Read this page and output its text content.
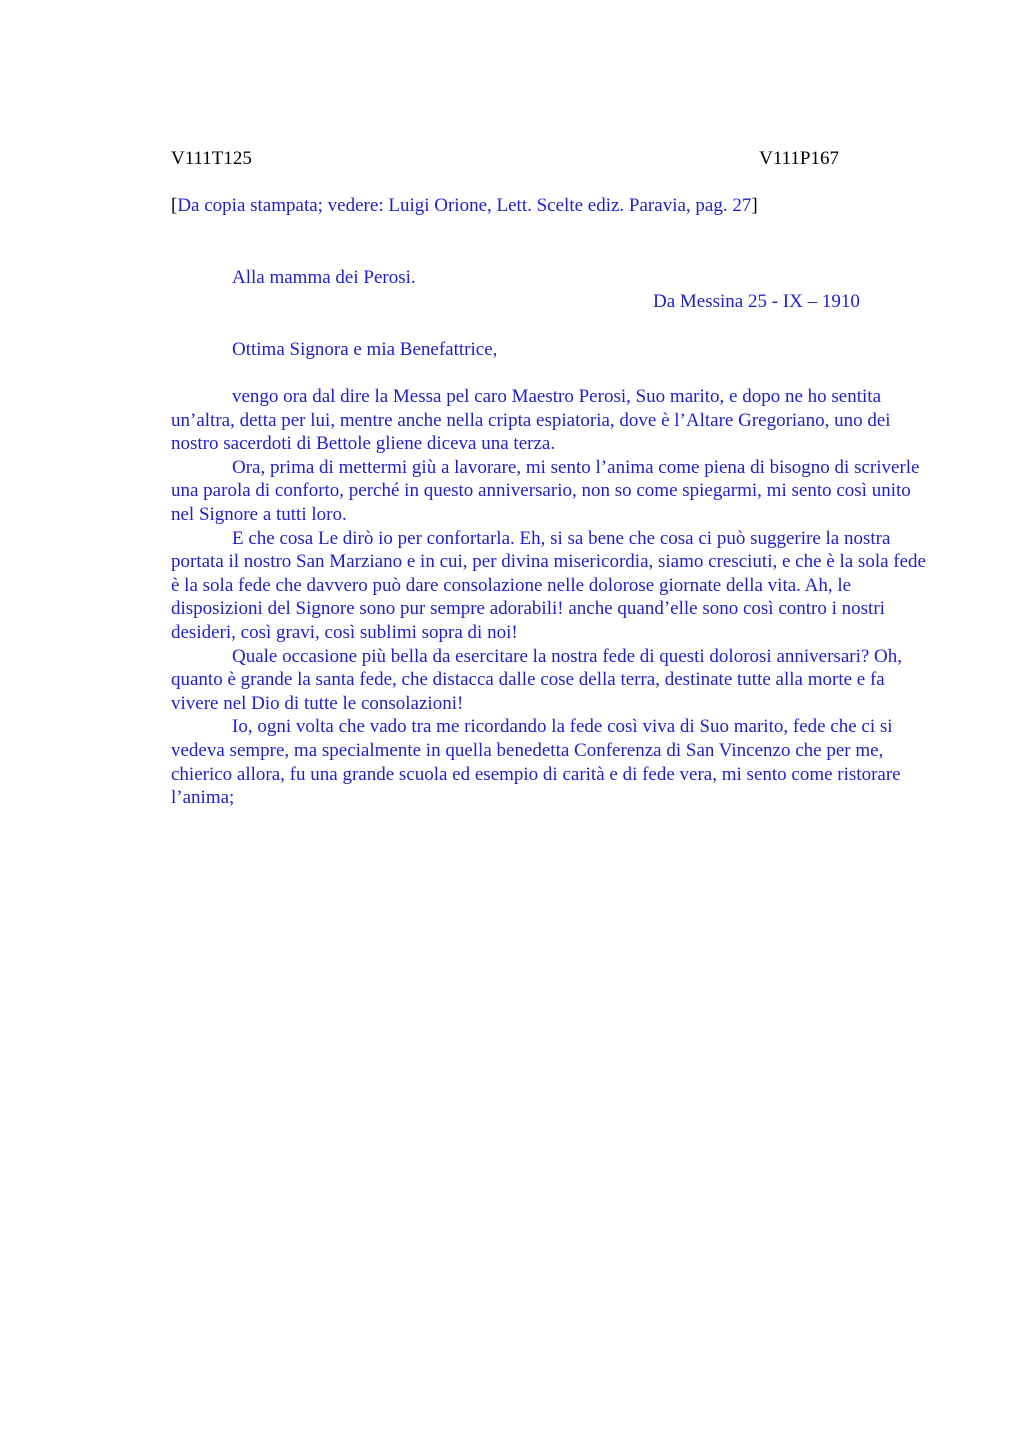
V111T125	V111P167
[Da copia stampata; vedere: Luigi Orione, Lett. Scelte ediz. Paravia, pag. 27]
Alla mamma dei Perosi.
Da Messina 25 - IX – 1910
Ottima Signora e mia Benefattrice,

vengo ora dal dire la Messa pel caro Maestro Perosi, Suo marito, e dopo ne ho sentita un’altra, detta per lui, mentre anche nella cripta espiatoria, dove è l’Altare Gregoriano, uno dei nostro sacerdoti di Bettole gliene diceva una terza.

Ora, prima di mettermi giù a lavorare, mi sento l’anima come piena di bisogno di scriverle una parola di conforto, perché in questo anniversario, non so come spiegarmi, mi sento così unito nel Signore a tutti loro.

E che cosa Le dirò io per confortarla. Eh, si sa bene che cosa ci può suggerire la nostra portata il nostro San Marziano e in cui, per divina misericordia, siamo cresciuti, e che è la sola fede è la sola fede che davvero può dare consolazione nelle dolorose giornate della vita. Ah, le disposizioni del Signore sono pur sempre adorabili! anche quand’elle sono così contro i nostri desideri, così gravi, così sublimi sopra di noi!

Quale occasione più bella da esercitare la nostra fede di questi dolorosi anniversari? Oh, quanto è grande la santa fede, che distacca dalle cose della terra, destinate tutte alla morte e fa vivere nel Dio di tutte le consolazioni!

Io, ogni volta che vado tra me ricordando la fede così viva di Suo marito, fede che ci si vedeva sempre, ma specialmente in quella benedetta Conferenza di San Vincenzo che per me, chierico allora, fu una grande scuola ed esempio di carità e di fede vera, mi sento come ristorare l’anima;
